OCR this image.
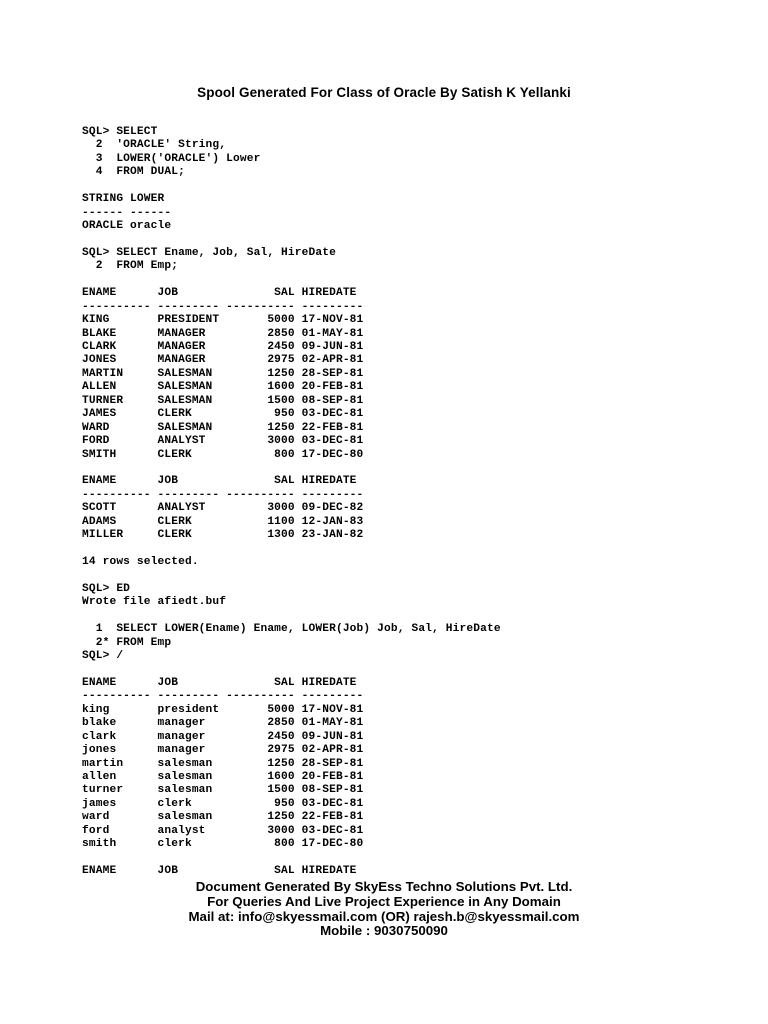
Spool Generated For Class of Oracle By Satish K Yellanki
SQL> SELECT
2  'ORACLE' String,
3  LOWER('ORACLE') Lower
4  FROM DUAL;
STRING LOWER
------ ------
ORACLE oracle
SQL> SELECT Ename, Job, Sal, HireDate
2  FROM Emp;
ENAME      JOB              SAL HIREDATE
---------- --------- ---------- ---------
KING       PRESIDENT       5000 17-NOV-81
BLAKE      MANAGER         2850 01-MAY-81
CLARK      MANAGER         2450 09-JUN-81
JONES      MANAGER         2975 02-APR-81
MARTIN     SALESMAN        1250 28-SEP-81
ALLEN      SALESMAN        1600 20-FEB-81
TURNER     SALESMAN        1500 08-SEP-81
JAMES      CLERK            950 03-DEC-81
WARD       SALESMAN        1250 22-FEB-81
FORD       ANALYST         3000 03-DEC-81
SMITH      CLERK            800 17-DEC-80
ENAME      JOB              SAL HIREDATE
---------- --------- ---------- ---------
SCOTT      ANALYST         3000 09-DEC-82
ADAMS      CLERK           1100 12-JAN-83
MILLER     CLERK           1300 23-JAN-82
14 rows selected.
SQL> ED
Wrote file afiedt.buf
1  SELECT LOWER(Ename) Ename, LOWER(Job) Job, Sal, HireDate
2* FROM Emp
SQL> /
ENAME      JOB              SAL HIREDATE
---------- --------- ---------- ---------
king       president       5000 17-NOV-81
blake      manager         2850 01-MAY-81
clark      manager         2450 09-JUN-81
jones      manager         2975 02-APR-81
martin     salesman        1250 28-SEP-81
allen      salesman        1600 20-FEB-81
turner     salesman        1500 08-SEP-81
james      clerk            950 03-DEC-81
ward       salesman        1250 22-FEB-81
ford       analyst         3000 03-DEC-81
smith      clerk            800 17-DEC-80
ENAME      JOB              SAL HIREDATE
Document Generated By SkyEss Techno Solutions Pvt. Ltd.
For Queries And Live Project Experience in Any Domain
Mail at: info@skyessmail.com (OR) rajesh.b@skyessmail.com
Mobile : 9030750090
